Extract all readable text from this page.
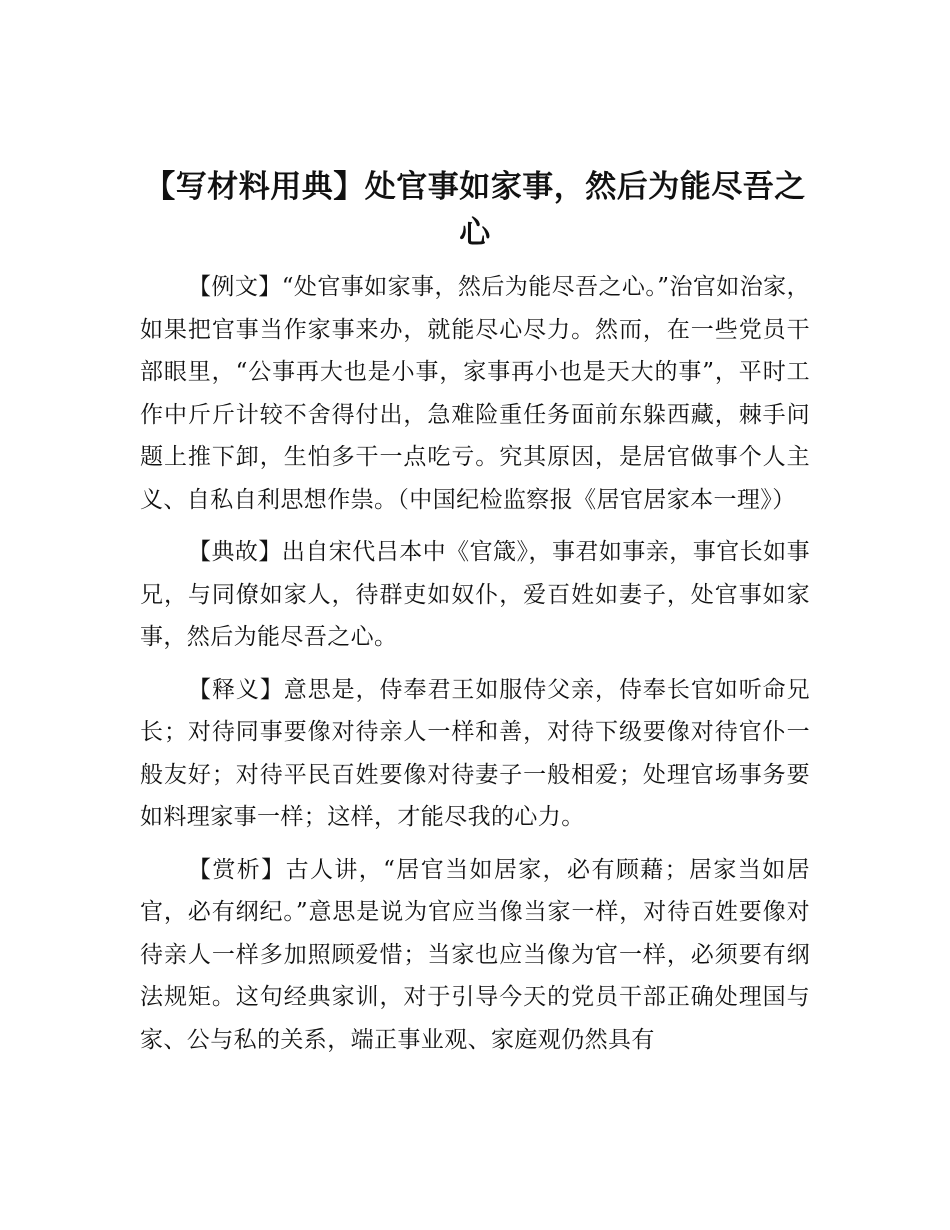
【写材料用典】处官事如家事，然后为能尽吾之心

【例文】“处官事如家事，然后为能尽吾之心。”治官如治家，如果把官事当作家事来办，就能尽心尽力。然而，在一些党员干部眼里，“公事再大也是小事，家事再小也是天大的事”，平时工作中斤斤计较不舍得付出，急难险重任务面前东躲西藏，棘手问题上推下卸，生怕多干一点吃亏。究其原因，是居官做事个人主义、自私自利思想作祟。（中国纪检监察报《居官居家本一理》）

【典故】出自宋代吕本中《官箴》，事君如事亲，事官长如事兄，与同僚如家人，待群吏如奴仆，爱百姓如妻子，处官事如家事，然后为能尽吾之心。

【释义】意思是，侍奉君王如服侍父亲，侍奉长官如听命兄长；对待同事要像对待亲人一样和善，对待下级要像对待官仆一般友好；对待平民百姓要像对待妻子一般相爱；处理官场事务要如料理家事一样；这样，才能尽我的心力。

【赏析】古人讲，“居官当如居家，必有顾藉；居家当如居官，必有纲纪。”意思是说为官应当像当家一样，对待百姓要像对待亲人一样多加照顾爱惜；当家也应当像为官一样，必须要有纲法规矩。这句经典家训，对于引导今天的党员干部正确处理国与家、公与私的关系，端正事业观、家庭观仍然具有
